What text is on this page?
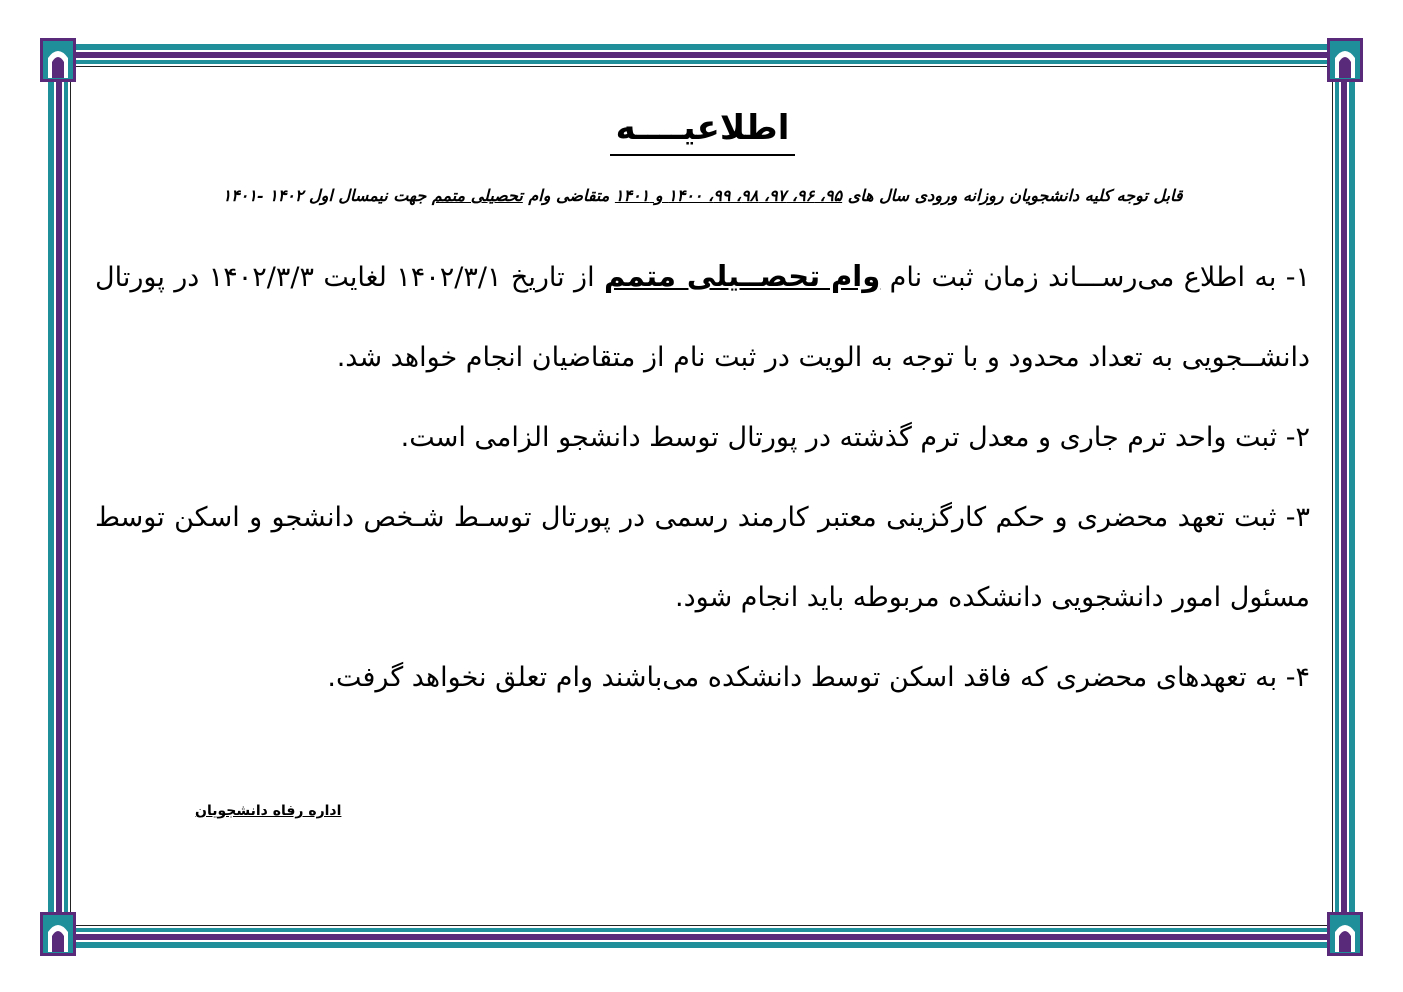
اطلاعیــــه
قابل توجه کلیه دانشجویان روزانه ورودی سال های ۹۵، ۹۶، ۹۷، ۹۸، ۹۹، ۱۴۰۰ و ۱۴۰۱ متقاضی وام تحصیلی متمم جهت نیمسال اول ۱۴۰۲ -۱۴۰۱

۱- به اطلاع می‌رســـاند زمان ثبت نام وام تحصــیلی متمم از تاریخ ۱۴۰۲/۳/۱ لغایت ۱۴۰۲/۳/۳ در پورتال دانشــجویی به تعداد محدود و با توجه به الویت در ثبت نام از متقاضیان انجام خواهد شد.

۲- ثبت واحد ترم جاری و معدل ترم گذشته در پورتال توسط دانشجو الزامی است.

۳- ثبت تعهد محضری و حکم کارگزینی معتبر کارمند رسمی در پورتال توسـط شـخص دانشجو و اسکن توسط مسئول امور دانشجویی دانشکده مربوطه باید انجام شود.

۴- به تعهدهای محضری که فاقد اسکن توسط دانشکده می‌باشند وام تعلق نخواهد گرفت.

اداره رفاه دانشجویان
